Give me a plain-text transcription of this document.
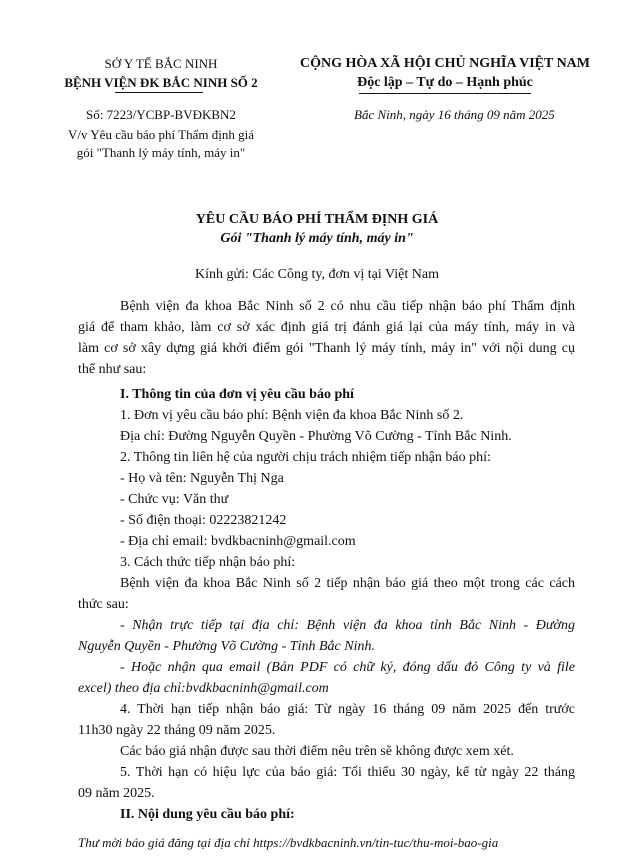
SỞ Y TẾ BẮC NINH
BỆNH VIỆN ĐK BẮC NINH SỐ 2
CỘNG HÒA XÃ HỘI CHỦ NGHĨA VIỆT NAM
Độc lập – Tự do – Hạnh phúc
Số: 7223/YCBP-BVĐKBN2	Bắc Ninh, ngày 16 tháng 09 năm 2025
V/v Yêu cầu báo phí Thẩm định giá
gói "Thanh lý máy tính, máy in"
YÊU CẦU BÁO PHÍ THẨM ĐỊNH GIÁ
Gói "Thanh lý máy tính, máy in"
Kính gửi: Các Công ty, đơn vị tại Việt Nam
Bệnh viện đa khoa Bắc Ninh số 2 có nhu cầu tiếp nhận báo phí Thẩm định
giá để tham khảo, làm cơ sở xác định giá trị đánh giá lại của máy tính, máy in và
làm cơ sở xây dựng giá khởi điểm gói "Thanh lý máy tính, máy in" với nội dung cụ
thể như sau:
I. Thông tin của đơn vị yêu cầu báo phí
1. Đơn vị yêu cầu báo phí: Bệnh viện đa khoa Bắc Ninh số 2.
Địa chỉ: Đường Nguyễn Quyền - Phường Võ Cường - Tỉnh Bắc Ninh.
2. Thông tin liên hệ của người chịu trách nhiệm tiếp nhận báo phí:
- Họ và tên: Nguyễn Thị Nga
- Chức vụ: Văn thư
- Số điện thoại: 02223821242
- Địa chỉ email: bvdkbacninh@gmail.com
3. Cách thức tiếp nhận báo phí:
Bệnh viện đa khoa Bắc Ninh số 2 tiếp nhận báo giá theo một trong các cách
thức sau:
- Nhận trực tiếp tại địa chỉ: Bệnh viện đa khoa tỉnh Bắc Ninh - Đường
Nguyễn Quyền - Phường Võ Cường - Tỉnh Bắc Ninh.
- Hoặc nhận qua email (Bản PDF có chữ ký, đóng dấu đỏ Công ty và file
excel) theo địa chỉ:bvdkbacninh@gmail.com
4. Thời hạn tiếp nhận báo giá: Từ ngày 16 tháng 09 năm 2025 đến trước
11h30 ngày 22 tháng 09 năm 2025.
Các báo giá nhận được sau thời điểm nêu trên sẽ không được xem xét.
5. Thời hạn có hiệu lực của báo giá: Tối thiểu 30 ngày, kể từ ngày 22 tháng
09 năm 2025.
II. Nội dung yêu cầu báo phí:
Thư mời báo giá đăng tại địa chỉ https://bvdkbacninh.vn/tin-tuc/thu-moi-bao-gia
